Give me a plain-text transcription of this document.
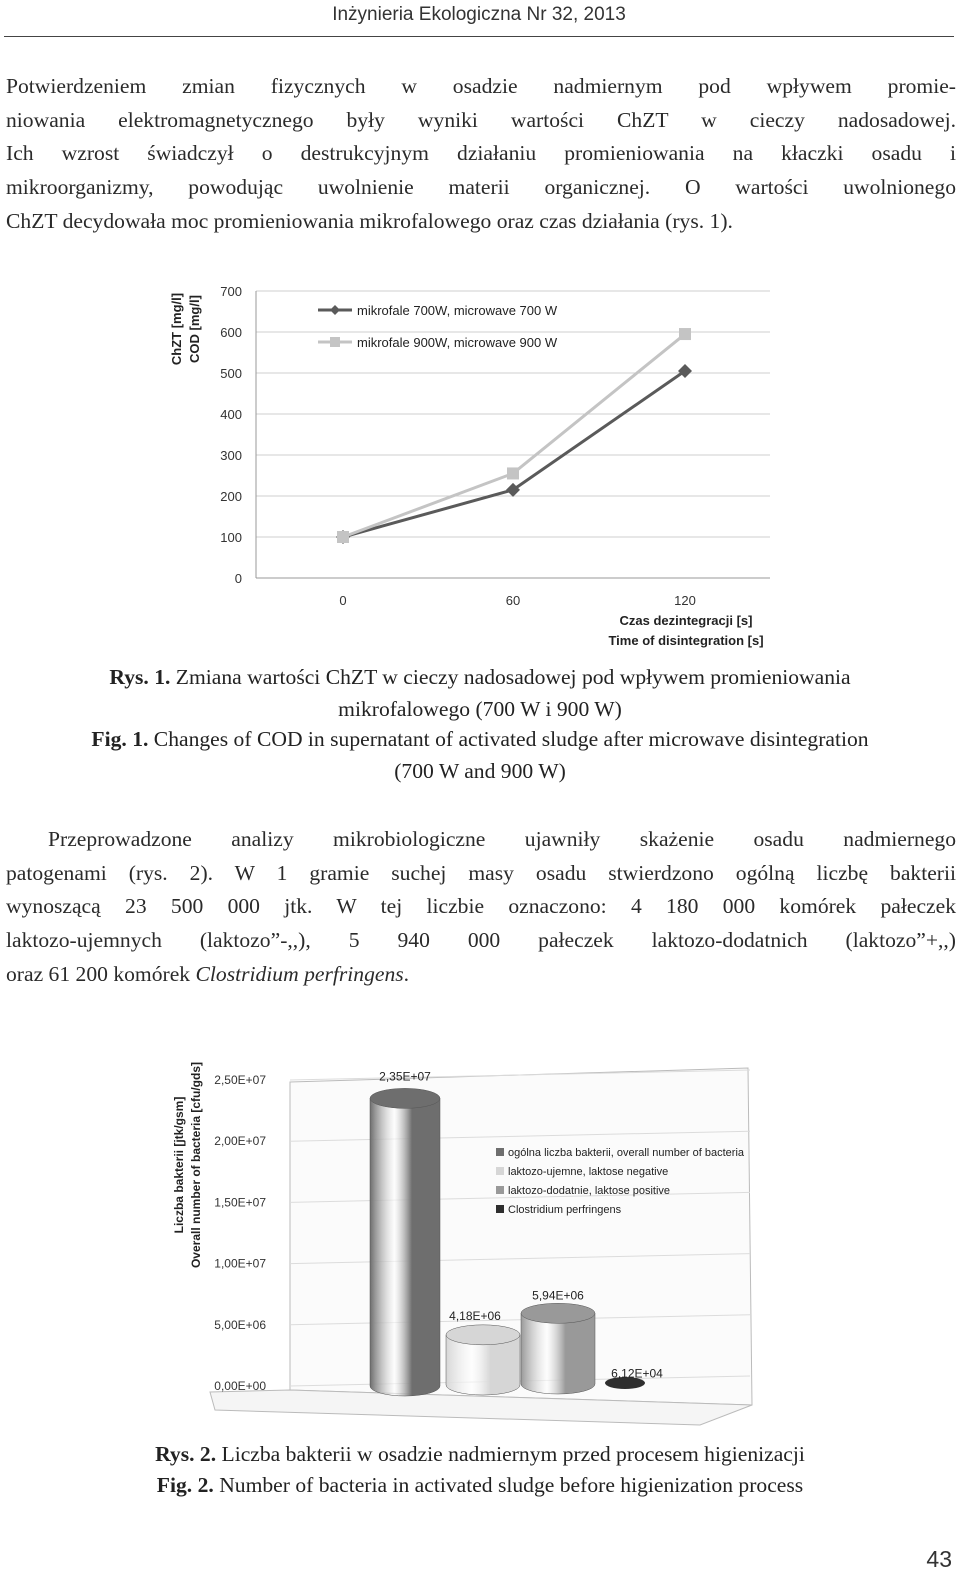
Inżynieria Ekologiczna Nr 32, 2013
Potwierdzeniem zmian fizycznych w osadzie nadmiernym pod wpływem promie-
niowania elektromagnetycznego były wyniki wartości ChZT w cieczy nadosadowej.
Ich wzrost świadczył o destrukcyjnym działaniu promieniowania na kłaczki osadu i
mikroorganizmy, powodując uwolnienie materii organicznej. O wartości uwolnionego
ChZT decydowała moc promieniowania mikrofalowego oraz czas działania (rys. 1).
0
100
200
300
400
500
600
700
0	60	120
Czas dezintegracji [s]
Time of disintegration [s]
ChZT [mg/l] COD [mg/l]	mikrofale 700W, microwave 700 W
mikrofale 900W, microwave 900 W
Rys. 1. Zmiana wartości ChZT w cieczy nadosadowej pod wpływem promieniowania
mikrofalowego (700 W i 900 W)
Fig. 1. Changes of COD in supernatant of activated sludge after microwave disintegration
(700 W and 900 W)
Przeprowadzone analizy mikrobiologiczne ujawniły skażenie osadu nadmiernego
patogenami (rys. 2). W 1 gramie suchej masy osadu stwierdzono ogólną liczbę bakterii
wynoszącą 23 500 000 jtk. W tej liczbie oznaczono: 4 180 000 komórek pałeczek
laktozo-ujemnych (laktozo”-,,), 5 940 000 pałeczek laktozo-dodatnich (laktozo”+,,)
oraz 61 200 komórek Clostridium perfringens.
0,00E+00
5,00E+06
1,00E+07
1,50E+07
2,00E+07
2,50E+07
Liczba bakterii [jtk/gsm] Overall number of bacteria [cfu/gds]	2,35E+07
4,18E+06
5,94E+06
6,12E+04
ogólna liczba bakterii, overall number of bacteria
laktozo-ujemne, laktose negative
laktozo-dodatnie, laktose positive
Clostridium perfringens
Rys. 2. Liczba bakterii w osadzie nadmiernym przed procesem higienizacji
Fig. 2. Number of bacteria in activated sludge before higienization process
43
